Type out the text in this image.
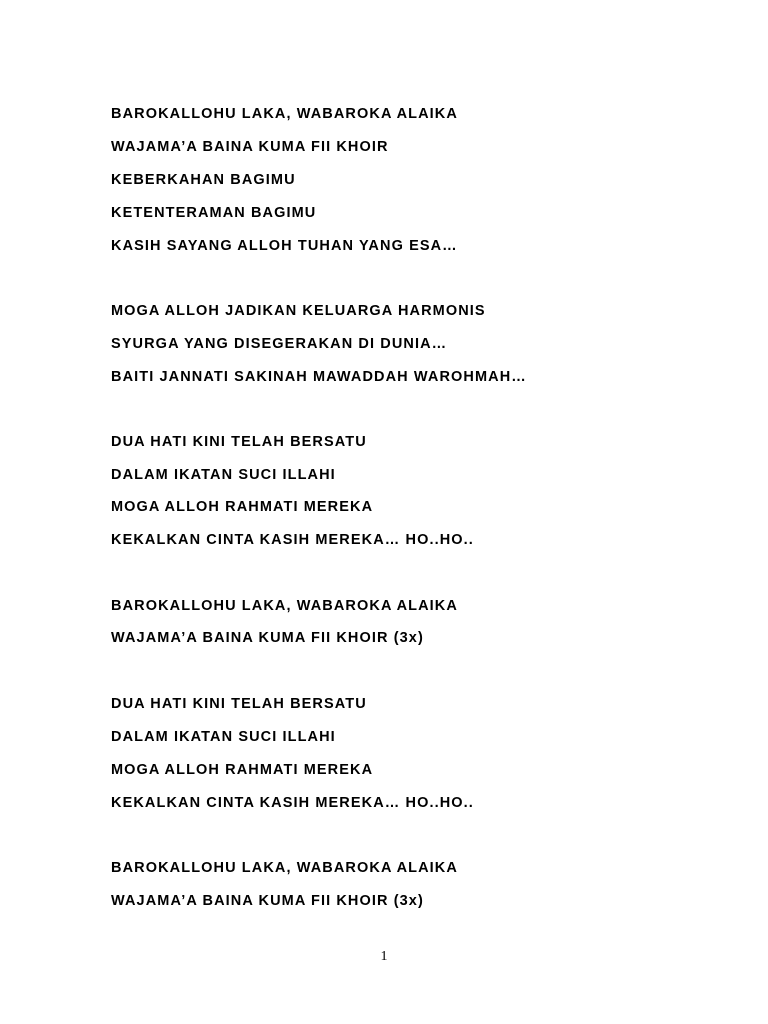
BAROKALLOHU LAKA, WABAROKA ALAIKA
WAJAMA’A BAINA KUMA FII KHOIR
KEBERKAHAN BAGIMU
KETENTERAMAN BAGIMU
KASIH SAYANG ALLOH TUHAN YANG ESA…
MOGA ALLOH JADIKAN KELUARGA HARMONIS
SYURGA YANG DISEGERAKAN DI DUNIA…
BAITI JANNATI SAKINAH MAWADDAH WAROHMAH…
DUA HATI KINI TELAH BERSATU
DALAM IKATAN SUCI ILLAHI
MOGA ALLOH RAHMATI MEREKA
KEKALKAN CINTA KASIH MEREKA… HO..HO..
BAROKALLOHU LAKA, WABAROKA ALAIKA
WAJAMA’A BAINA KUMA FII KHOIR (3x)
DUA HATI KINI TELAH BERSATU
DALAM IKATAN SUCI ILLAHI
MOGA ALLOH RAHMATI MEREKA
KEKALKAN CINTA KASIH MEREKA… HO..HO..
BAROKALLOHU LAKA, WABAROKA ALAIKA
WAJAMA’A BAINA KUMA FII KHOIR (3x)
1
